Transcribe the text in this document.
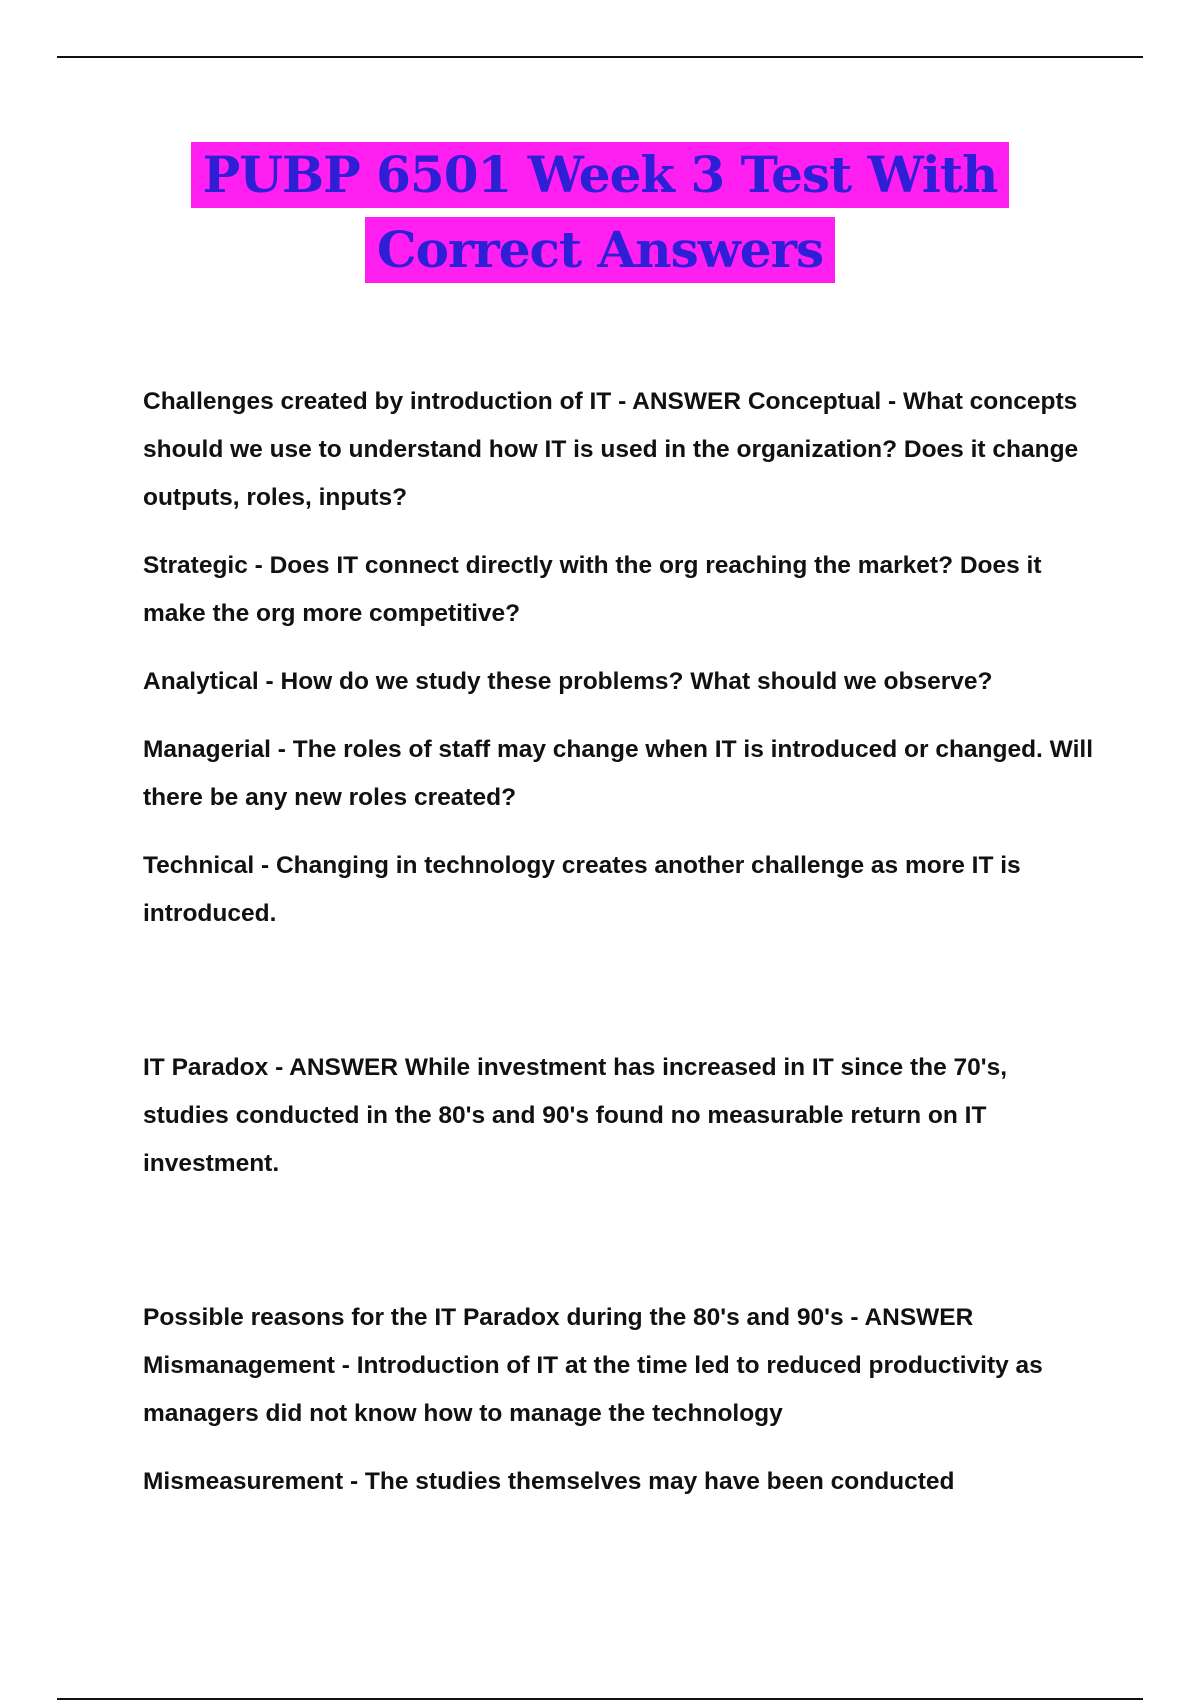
PUBP 6501 Week 3 Test With
Correct Answers

Challenges created by introduction of IT - ANSWER Conceptual - What concepts should we use to understand how IT is used in the organization? Does it change outputs, roles, inputs?

Strategic - Does IT connect directly with the org reaching the market? Does it make the org more competitive?

Analytical - How do we study these problems? What should we observe?

Managerial - The roles of staff may change when IT is introduced or changed. Will there be any new roles created?

Technical - Changing in technology creates another challenge as more IT is introduced.

IT Paradox - ANSWER While investment has increased in IT since the 70's, studies conducted in the 80's and 90's found no measurable return on IT investment.

Possible reasons for the IT Paradox during the 80's and 90's - ANSWER Mismanagement - Introduction of IT at the time led to reduced productivity as managers did not know how to manage the technology

Mismeasurement - The studies themselves may have been conducted
